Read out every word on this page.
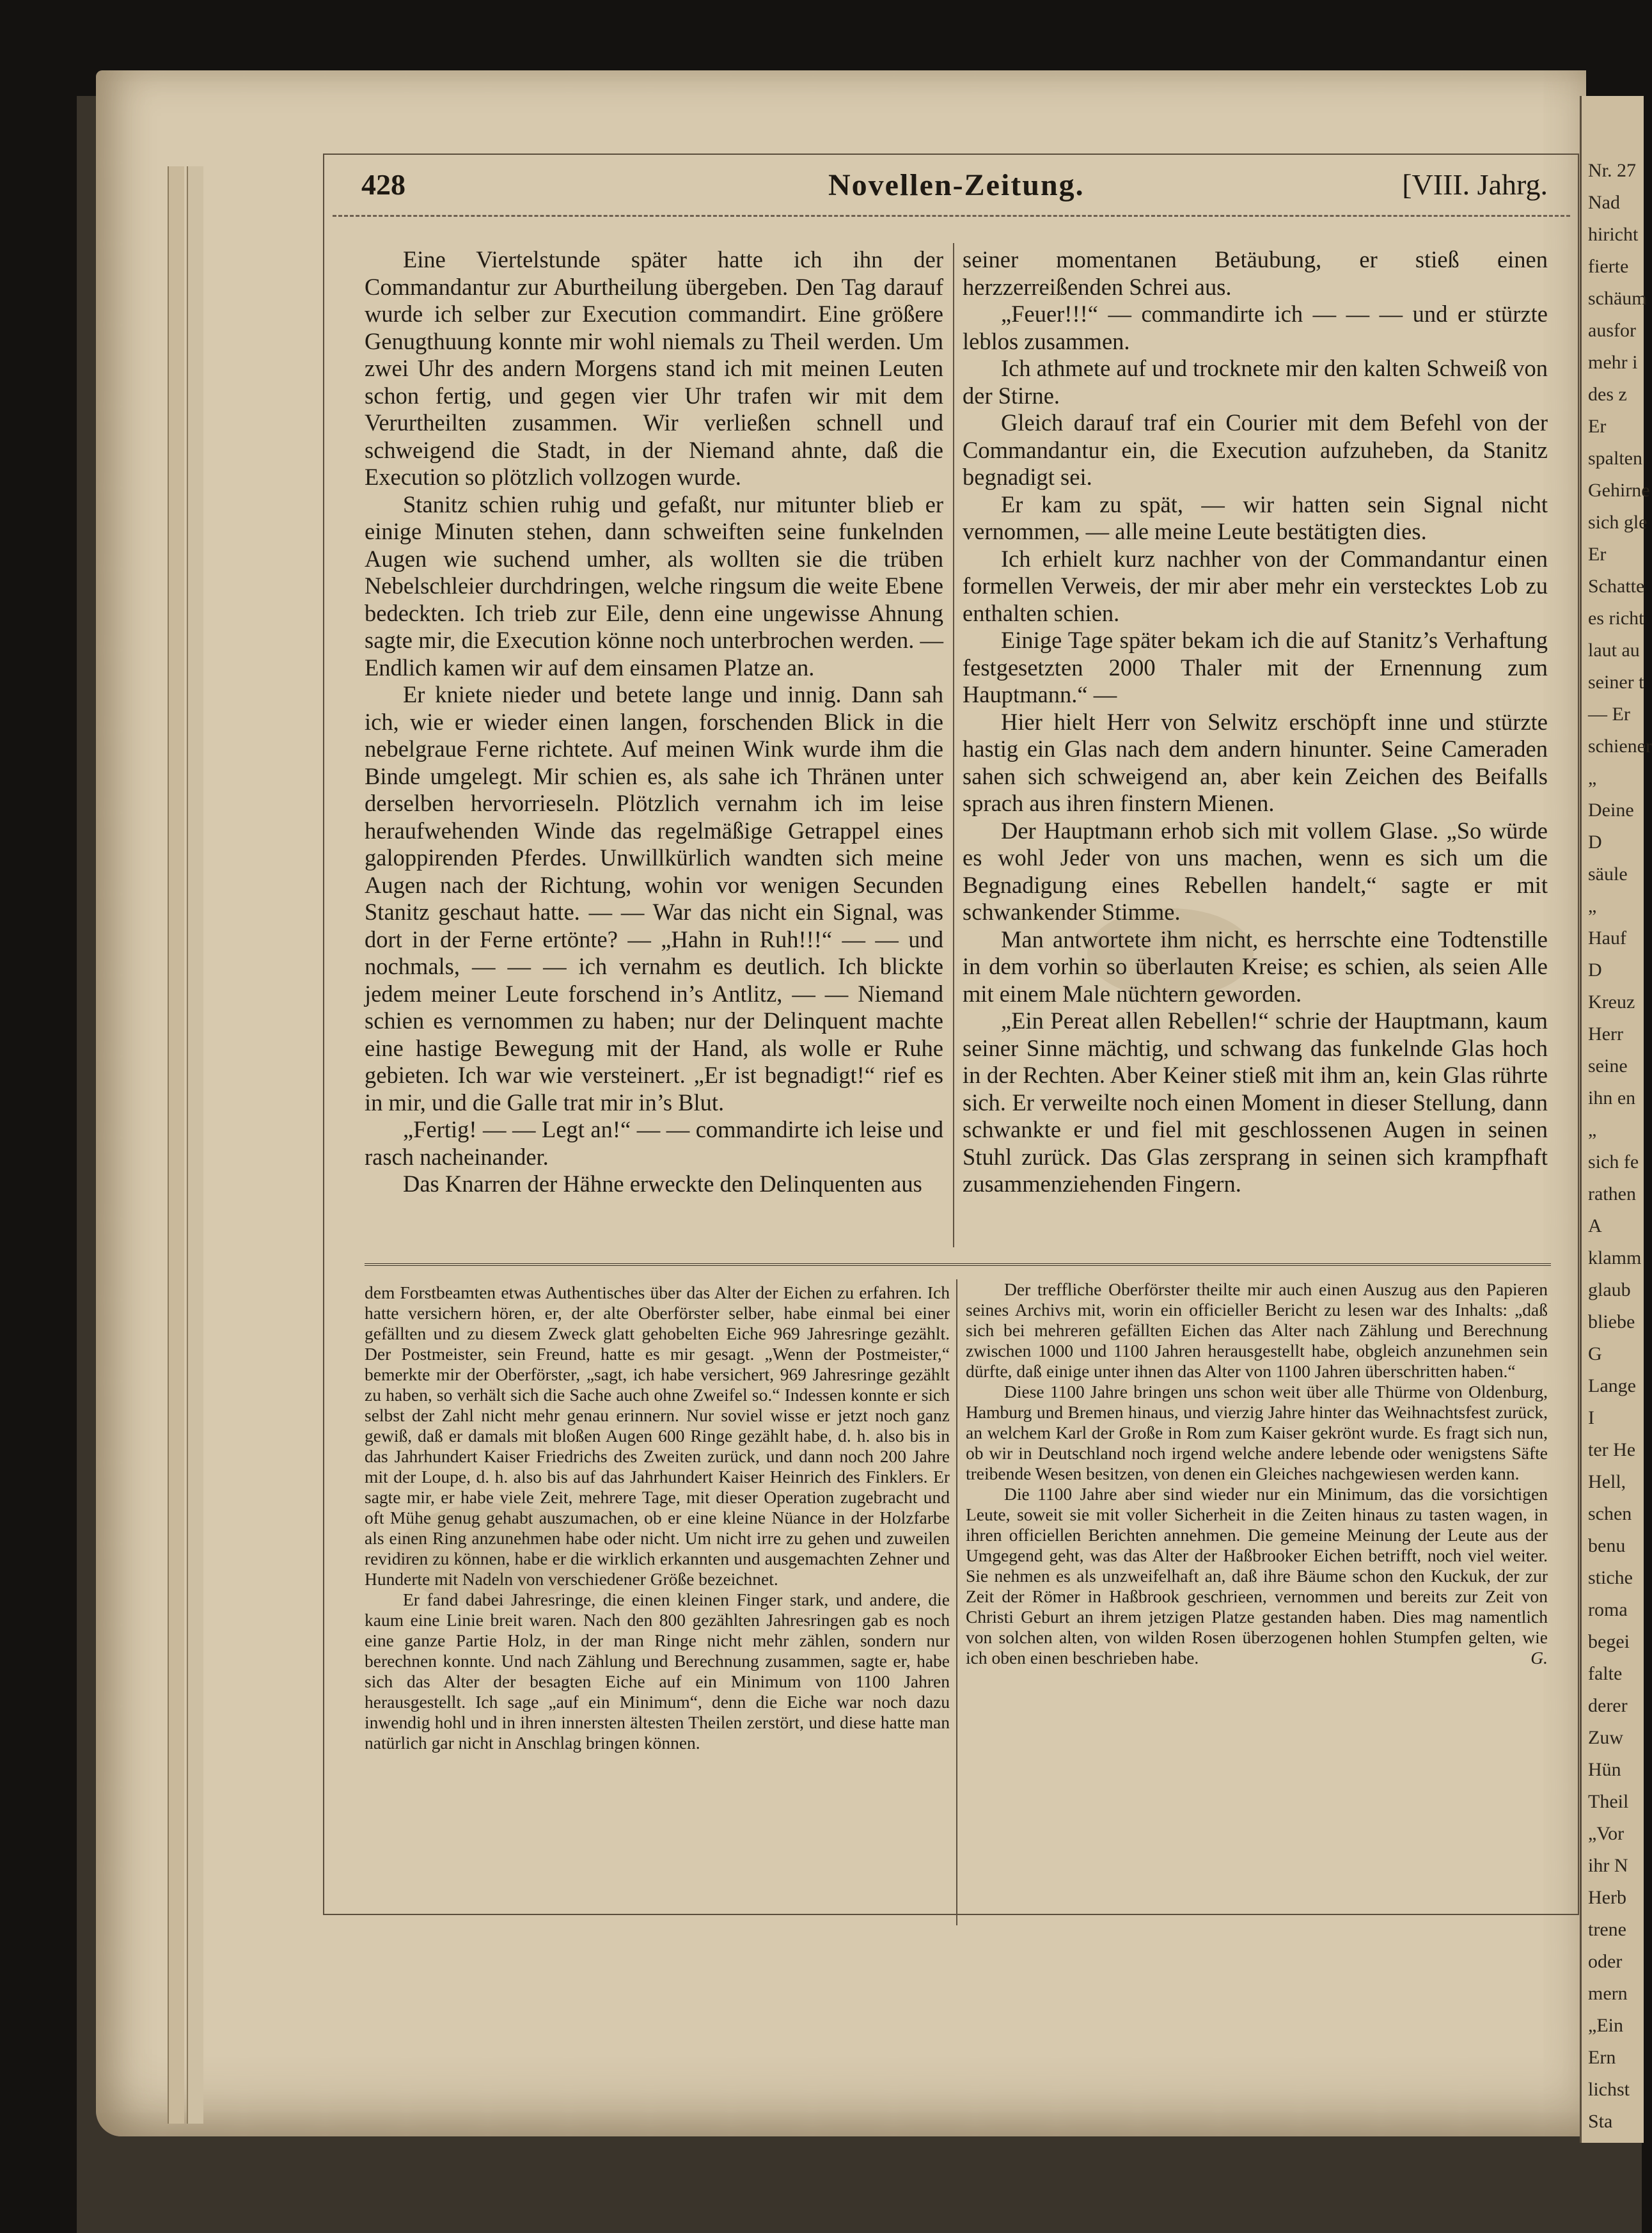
Nr. 27
Nad
hiricht
fierte
schäum
ausfor
mehr i
des z
Er
spalten
Gehirne
sich gle
Er
Schatte
es richt
laut au
seiner t
— Er
schiener
„
Deine
D
säule
„
Hauf
D
Kreuz
Herr
seine
ihn en
„
sich fe
rathen
A
klamm
glaub
bliebe
G
Lange
I
ter He
Hell,
schen
benu
stiche
roma
begei
falte
derer
Zuw
Hün
Theil
„Vor
ihr N
Herb
trene
oder
mern
„Ein
Ern
lichst
Sta
428	Novellen-Zeitung.	[VIII. Jahrg.

Eine Viertelstunde später hatte ich ihn der Commandantur zur Aburtheilung übergeben. Den Tag darauf wurde ich selber zur Execution commandirt. Eine größere Genugthuung konnte mir wohl niemals zu Theil werden. Um zwei Uhr des andern Morgens stand ich mit meinen Leuten schon fertig, und gegen vier Uhr trafen wir mit dem Verurtheilten zusammen. Wir verließen schnell und schweigend die Stadt, in der Niemand ahnte, daß die Execution so plötzlich vollzogen wurde.

Stanitz schien ruhig und gefaßt, nur mitunter blieb er einige Minuten stehen, dann schweiften seine funkelnden Augen wie suchend umher, als wollten sie die trüben Nebelschleier durchdringen, welche ringsum die weite Ebene bedeckten. Ich trieb zur Eile, denn eine ungewisse Ahnung sagte mir, die Execution könne noch unterbrochen werden. — Endlich kamen wir auf dem einsamen Platze an.

Er kniete nieder und betete lange und innig. Dann sah ich, wie er wieder einen langen, forschenden Blick in die nebelgraue Ferne richtete. Auf meinen Wink wurde ihm die Binde umgelegt. Mir schien es, als sahe ich Thränen unter derselben hervorrieseln. Plötzlich vernahm ich im leise heraufwehenden Winde das regelmäßige Getrappel eines galoppirenden Pferdes. Unwillkürlich wandten sich meine Augen nach der Richtung, wohin vor wenigen Secunden Stanitz geschaut hatte. — — War das nicht ein Signal, was dort in der Ferne ertönte? — „Hahn in Ruh!!!“ — — und nochmals, — — — ich vernahm es deutlich. Ich blickte jedem meiner Leute forschend in’s Antlitz, — — Niemand schien es vernommen zu haben; nur der Delinquent machte eine hastige Bewegung mit der Hand, als wolle er Ruhe gebieten. Ich war wie versteinert. „Er ist begnadigt!“ rief es in mir, und die Galle trat mir in’s Blut.

„Fertig! — — Legt an!“ — — commandirte ich leise und rasch nacheinander.

Das Knarren der Hähne erweckte den Delinquenten aus

seiner momentanen Betäubung, er stieß einen herzzerreißenden Schrei aus.

„Feuer!!!“ — commandirte ich — — — und er stürzte leblos zusammen.

Ich athmete auf und trocknete mir den kalten Schweiß von der Stirne.

Gleich darauf traf ein Courier mit dem Befehl von der Commandantur ein, die Execution aufzuheben, da Stanitz begnadigt sei.

Er kam zu spät, — wir hatten sein Signal nicht vernommen, — alle meine Leute bestätigten dies.

Ich erhielt kurz nachher von der Commandantur einen formellen Verweis, der mir aber mehr ein verstecktes Lob zu enthalten schien.

Einige Tage später bekam ich die auf Stanitz’s Verhaftung festgesetzten 2000 Thaler mit der Ernennung zum Hauptmann.“ —

Hier hielt Herr von Selwitz erschöpft inne und stürzte hastig ein Glas nach dem andern hinunter. Seine Cameraden sahen sich schweigend an, aber kein Zeichen des Beifalls sprach aus ihren finstern Mienen.

Der Hauptmann erhob sich mit vollem Glase. „So würde es wohl Jeder von uns machen, wenn es sich um die Begnadigung eines Rebellen handelt,“ sagte er mit schwankender Stimme.

Man antwortete ihm nicht, es herrschte eine Todtenstille in dem vorhin so überlauten Kreise; es schien, als seien Alle mit einem Male nüchtern geworden.

„Ein Pereat allen Rebellen!“ schrie der Hauptmann, kaum seiner Sinne mächtig, und schwang das funkelnde Glas hoch in der Rechten. Aber Keiner stieß mit ihm an, kein Glas rührte sich. Er verweilte noch einen Moment in dieser Stellung, dann schwankte er und fiel mit geschlossenen Augen in seinen Stuhl zurück. Das Glas zersprang in seinen sich krampfhaft zusammenziehenden Fingern.

dem Forstbeamten etwas Authentisches über das Alter der Eichen zu erfahren. Ich hatte versichern hören, er, der alte Oberförster selber, habe einmal bei einer gefällten und zu diesem Zweck glatt gehobelten Eiche 969 Jahresringe gezählt. Der Postmeister, sein Freund, hatte es mir gesagt. „Wenn der Postmeister,“ bemerkte mir der Oberförster, „sagt, ich habe versichert, 969 Jahresringe gezählt zu haben, so verhält sich die Sache auch ohne Zweifel so.“ Indessen konnte er sich selbst der Zahl nicht mehr genau erinnern. Nur soviel wisse er jetzt noch ganz gewiß, daß er damals mit bloßen Augen 600 Ringe gezählt habe, d. h. also bis in das Jahrhundert Kaiser Friedrichs des Zweiten zurück, und dann noch 200 Jahre mit der Loupe, d. h. also bis auf das Jahrhundert Kaiser Heinrich des Finklers. Er sagte mir, er habe viele Zeit, mehrere Tage, mit dieser Operation zugebracht und oft Mühe genug gehabt auszumachen, ob er eine kleine Nüance in der Holzfarbe als einen Ring anzunehmen habe oder nicht. Um nicht irre zu gehen und zuweilen revidiren zu können, habe er die wirklich erkannten und ausgemachten Zehner und Hunderte mit Nadeln von verschiedener Größe bezeichnet.

Er fand dabei Jahresringe, die einen kleinen Finger stark, und andere, die kaum eine Linie breit waren. Nach den 800 gezählten Jahresringen gab es noch eine ganze Partie Holz, in der man Ringe nicht mehr zählen, sondern nur berechnen konnte. Und nach Zählung und Berechnung zusammen, sagte er, habe sich das Alter der besagten Eiche auf ein Minimum von 1100 Jahren herausgestellt. Ich sage „auf ein Minimum“, denn die Eiche war noch dazu inwendig hohl und in ihren innersten ältesten Theilen zerstört, und diese hatte man natürlich gar nicht in Anschlag bringen können.

Der treffliche Oberförster theilte mir auch einen Auszug aus den Papieren seines Archivs mit, worin ein officieller Bericht zu lesen war des Inhalts: „daß sich bei mehreren gefällten Eichen das Alter nach Zählung und Berechnung zwischen 1000 und 1100 Jahren herausgestellt habe, obgleich anzunehmen sein dürfte, daß einige unter ihnen das Alter von 1100 Jahren überschritten haben.“

Diese 1100 Jahre bringen uns schon weit über alle Thürme von Oldenburg, Hamburg und Bremen hinaus, und vierzig Jahre hinter das Weihnachtsfest zurück, an welchem Karl der Große in Rom zum Kaiser gekrönt wurde. Es fragt sich nun, ob wir in Deutschland noch irgend welche andere lebende oder wenigstens Säfte treibende Wesen besitzen, von denen ein Gleiches nachgewiesen werden kann.

Die 1100 Jahre aber sind wieder nur ein Minimum, das die vorsichtigen Leute, soweit sie mit voller Sicherheit in die Zeiten hinaus zu tasten wagen, in ihren officiellen Berichten annehmen. Die gemeine Meinung der Leute aus der Umgegend geht, was das Alter der Haßbrooker Eichen betrifft, noch viel weiter. Sie nehmen es als unzweifelhaft an, daß ihre Bäume schon den Kuckuk, der zur Zeit der Römer in Haßbrook geschrieen, vernommen und bereits zur Zeit von Christi Geburt an ihrem jetzigen Platze gestanden haben. Dies mag namentlich von solchen alten, von wilden Rosen überzogenen hohlen Stumpfen gelten, wie ich oben einen beschrieben habe.	G.
